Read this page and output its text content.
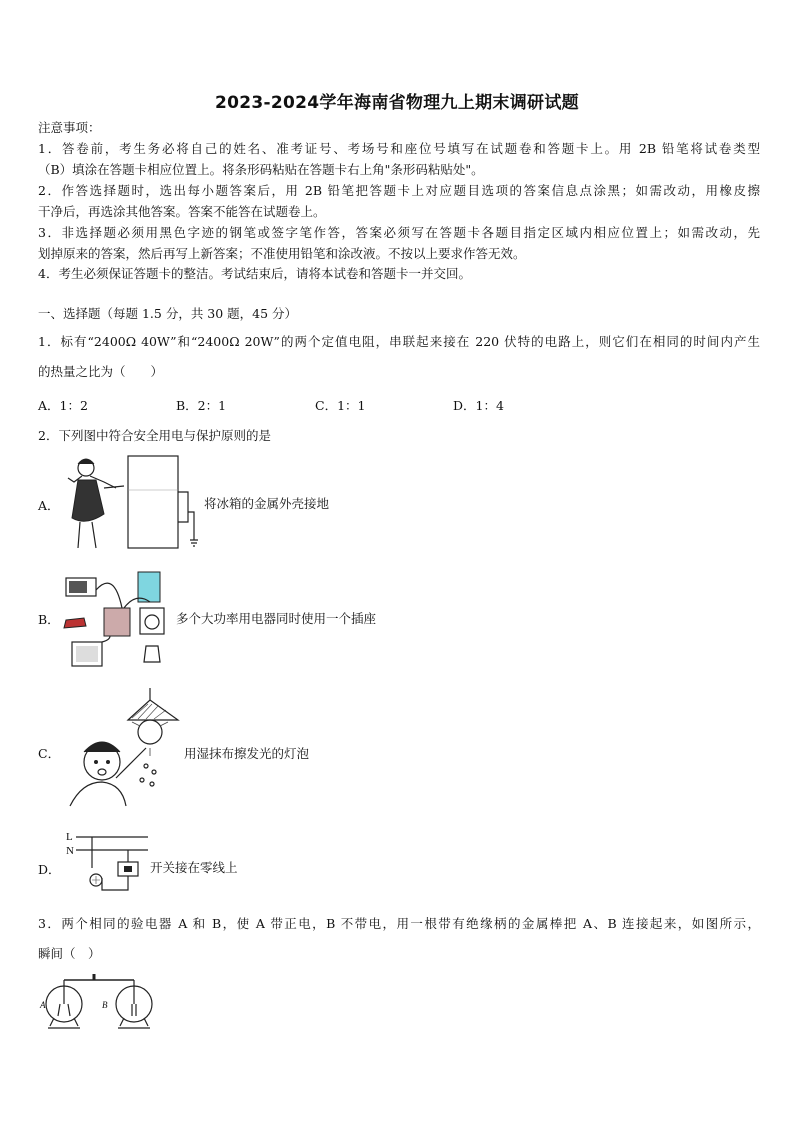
2023-2024学年海南省物理九上期末调研试题
注意事项：
1．答卷前，考生务必将自己的姓名、准考证号、考场号和座位号填写在试题卷和答题卡上。用 2B 铅笔将试卷类型
（B）填涂在答题卡相应位置上。将条形码粘贴在答题卡右上角"条形码粘贴处"。
2．作答选择题时，选出每小题答案后，用 2B 铅笔把答题卡上对应题目选项的答案信息点涂黑；如需改动，用橡皮擦
干净后，再选涂其他答案。答案不能答在试题卷上。
3．非选择题必须用黑色字迹的钢笔或签字笔作答，答案必须写在答题卡各题目指定区域内相应位置上；如需改动，先
划掉原来的答案，然后再写上新答案；不准使用铅笔和涂改液。不按以上要求作答无效。
4．考生必须保证答题卡的整洁。考试结束后，请将本试卷和答题卡一并交回。
一、选择题（每题 1.5 分，共 30 题，45 分）
1．标有“2400Ω 40W”和“2400Ω 20W”的两个定值电阻，串联起来接在 220 伏特的电路上，则它们在相同的时间内产生
的热量之比为（　　）
A．1：2	B．2：1	C．1：1	D．1：4
2．下列图中符合安全用电与保护原则的是
A．	将冰箱的金属外壳接地
B．	多个大功率用电器同时使用一个插座
C．	用湿抹布擦发光的灯泡
D．
L
N
开关接在零线上
3．两个相同的验电器 A 和 B，使 A 带正电，B 不带电，用一根带有绝缘柄的金属棒把 A、B 连接起来，如图所示，
瞬间（　）
A	B
